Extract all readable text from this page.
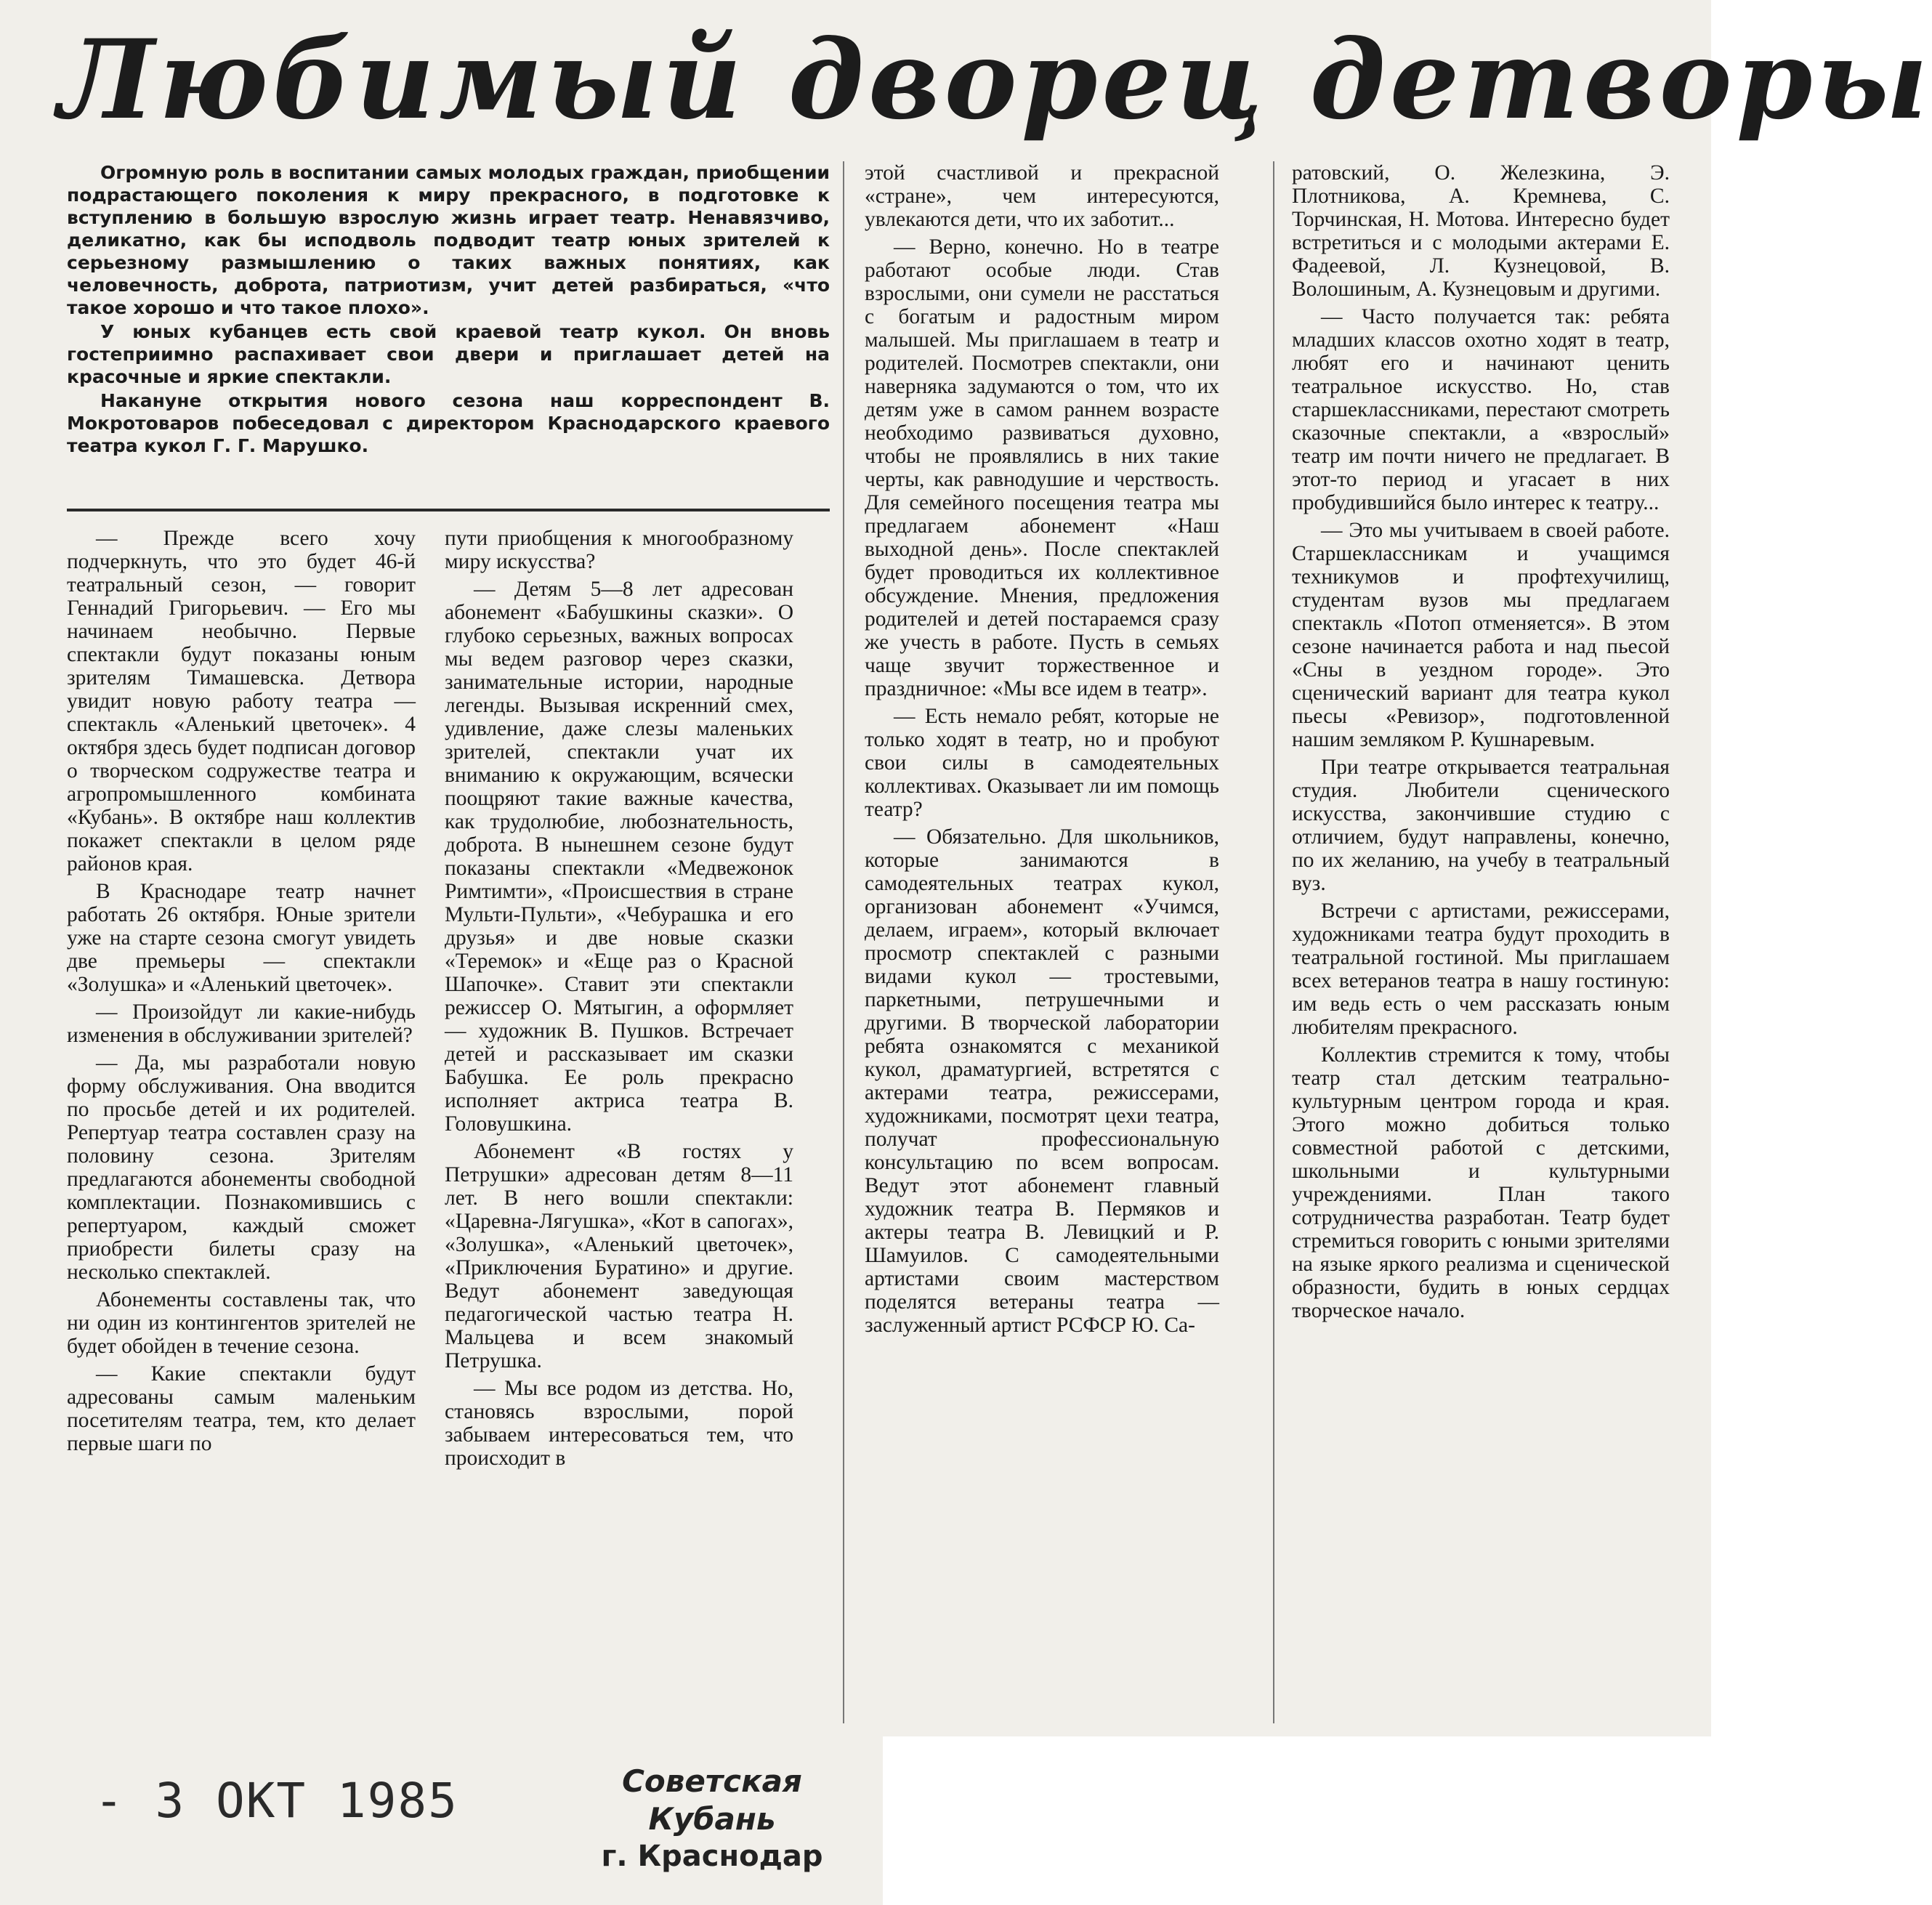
Любимый дворец детворы

Огромную роль в воспитании самых молодых граждан, приобщении подрастающего поколения к миру прекрасного, в подготовке к вступлению в большую взрослую жизнь играет театр. Ненавязчиво, деликатно, как бы исподволь подводит театр юных зрителей к серьезному размышлению о таких важных понятиях, как человечность, доброта, патриотизм, учит детей разбираться, «что такое хорошо и что такое плохо».

У юных кубанцев есть свой краевой театр кукол. Он вновь гостеприимно распахивает свои двери и приглашает детей на красочные и яркие спектакли.

Накануне открытия нового сезона наш корреспондент В. Мокротоваров побеседовал с директором Краснодарского краевого театра кукол Г. Г. Марушко.

— Прежде всего хочу подчеркнуть, что это будет 46-й театральный сезон, — говорит Геннадий Григорьевич. — Его мы начинаем необычно. Первые спектакли будут показаны юным зрителям Тимашевска. Детвора увидит новую работу театра — спектакль «Аленький цветочек». 4 октября здесь будет подписан договор о творческом содружестве театра и агропромышленного комбината «Кубань». В октябре наш коллектив покажет спектакли в целом ряде районов края.

В Краснодаре театр начнет работать 26 октября. Юные зрители уже на старте сезона смогут увидеть две премьеры — спектакли «Золушка» и «Аленький цветочек».

— Произойдут ли какие-нибудь изменения в обслуживании зрителей?

— Да, мы разработали новую форму обслуживания. Она вводится по просьбе детей и их родителей. Репертуар театра составлен сразу на половину сезона. Зрителям предлагаются абонементы свободной комплектации. Познакомившись с репертуаром, каждый сможет приобрести билеты сразу на несколько спектаклей.

Абонементы составлены так, что ни один из контингентов зрителей не будет обойден в течение сезона.

— Какие спектакли будут адресованы самым маленьким посетителям театра, тем, кто делает первые шаги по

пути приобщения к многообразному миру искусства?

— Детям 5—8 лет адресован абонемент «Бабушкины сказки». О глубоко серьезных, важных вопросах мы ведем разговор через сказки, занимательные истории, народные легенды. Вызывая искренний смех, удивление, даже слезы маленьких зрителей, спектакли учат их вниманию к окружающим, всячески поощряют такие важные качества, как трудолюбие, любознательность, доброта. В нынешнем сезоне будут показаны спектакли «Медвежонок Римтимти», «Происшествия в стране Мульти-Пульти», «Чебурашка и его друзья» и две новые сказки «Теремок» и «Еще раз о Красной Шапочке». Ставит эти спектакли режиссер О. Мятыгин, а оформляет — художник В. Пушков. Встречает детей и рассказывает им сказки Бабушка. Ее роль прекрасно исполняет актриса театра В. Головушкина.

Абонемент «В гостях у Петрушки» адресован детям 8—11 лет. В него вошли спектакли: «Царевна-Лягушка», «Кот в сапогах», «Золушка», «Аленький цветочек», «Приключения Буратино» и другие. Ведут абонемент заведующая педагогической частью театра Н. Мальцева и всем знакомый Петрушка.

— Мы все родом из детства. Но, становясь взрослыми, порой забываем интересоваться тем, что происходит в

этой счастливой и прекрасной «стране», чем интересуются, увлекаются дети, что их заботит...

— Верно, конечно. Но в театре работают особые люди. Став взрослыми, они сумели не расстаться с богатым и радостным миром малышей. Мы приглашаем в театр и родителей. Посмотрев спектакли, они наверняка задумаются о том, что их детям уже в самом раннем возрасте необходимо развиваться духовно, чтобы не проявлялись в них такие черты, как равнодушие и черствость. Для семейного посещения театра мы предлагаем абонемент «Наш выходной день». После спектаклей будет проводиться их коллективное обсуждение. Мнения, предложения родителей и детей постараемся сразу же учесть в работе. Пусть в семьях чаще звучит торжественное и праздничное: «Мы все идем в театр».

— Есть немало ребят, которые не только ходят в театр, но и пробуют свои силы в самодеятельных коллективах. Оказывает ли им помощь театр?

— Обязательно. Для школьников, которые занимаются в самодеятельных театрах кукол, организован абонемент «Учимся, делаем, играем», который включает просмотр спектаклей с разными видами кукол — тростевыми, паркетными, петрушечными и другими. В творческой лаборатории ребята ознакомятся с механикой кукол, драматургией, встретятся с актерами театра, режиссерами, художниками, посмотрят цехи театра, получат профессиональную консультацию по всем вопросам. Ведут этот абонемент главный художник театра В. Пермяков и актеры театра В. Левицкий и Р. Шамуилов. С самодеятельными артистами своим мастерством поделятся ветераны театра — заслуженный артист РСФСР Ю. Са-

ратовский, О. Железкина, Э. Плотникова, А. Кремнева, С. Торчинская, Н. Мотова. Интересно будет встретиться и с молодыми актерами Е. Фадеевой, Л. Кузнецовой, В. Волошиным, А. Кузнецовым и другими.

— Часто получается так: ребята младших классов охотно ходят в театр, любят его и начинают ценить театральное искусство. Но, став старшеклассниками, перестают смотреть сказочные спектакли, а «взрослый» театр им почти ничего не предлагает. В этот-то период и угасает в них пробудившийся было интерес к театру...

— Это мы учитываем в своей работе. Старшеклассникам и учащимся техникумов и профтехучилищ, студентам вузов мы предлагаем спектакль «Потоп отменяется». В этом сезоне начинается работа и над пьесой «Сны в уездном городе». Это сценический вариант для театра кукол пьесы «Ревизор», подготовленной нашим земляком Р. Кушнаревым.

При театре открывается театральная студия. Любители сценического искусства, закончившие студию с отличием, будут направлены, конечно, по их желанию, на учебу в театральный вуз.

Встречи с артистами, режиссерами, художниками театра будут проходить в театральной гостиной. Мы приглашаем всех ветеранов театра в нашу гостиную: им ведь есть о чем рассказать юным любителям прекрасного.

Коллектив стремится к тому, чтобы театр стал детским театрально-культурным центром города и края. Этого можно добиться только совместной работой с детскими, школьными и культурными учреждениями. План такого сотрудничества разработан. Театр будет стремиться говорить с юными зрителями на языке яркого реализма и сценической образности, будить в юных сердцах творческое начало.

- 3 ОКТ 1985	Советская Кубань
г. Краснодар
